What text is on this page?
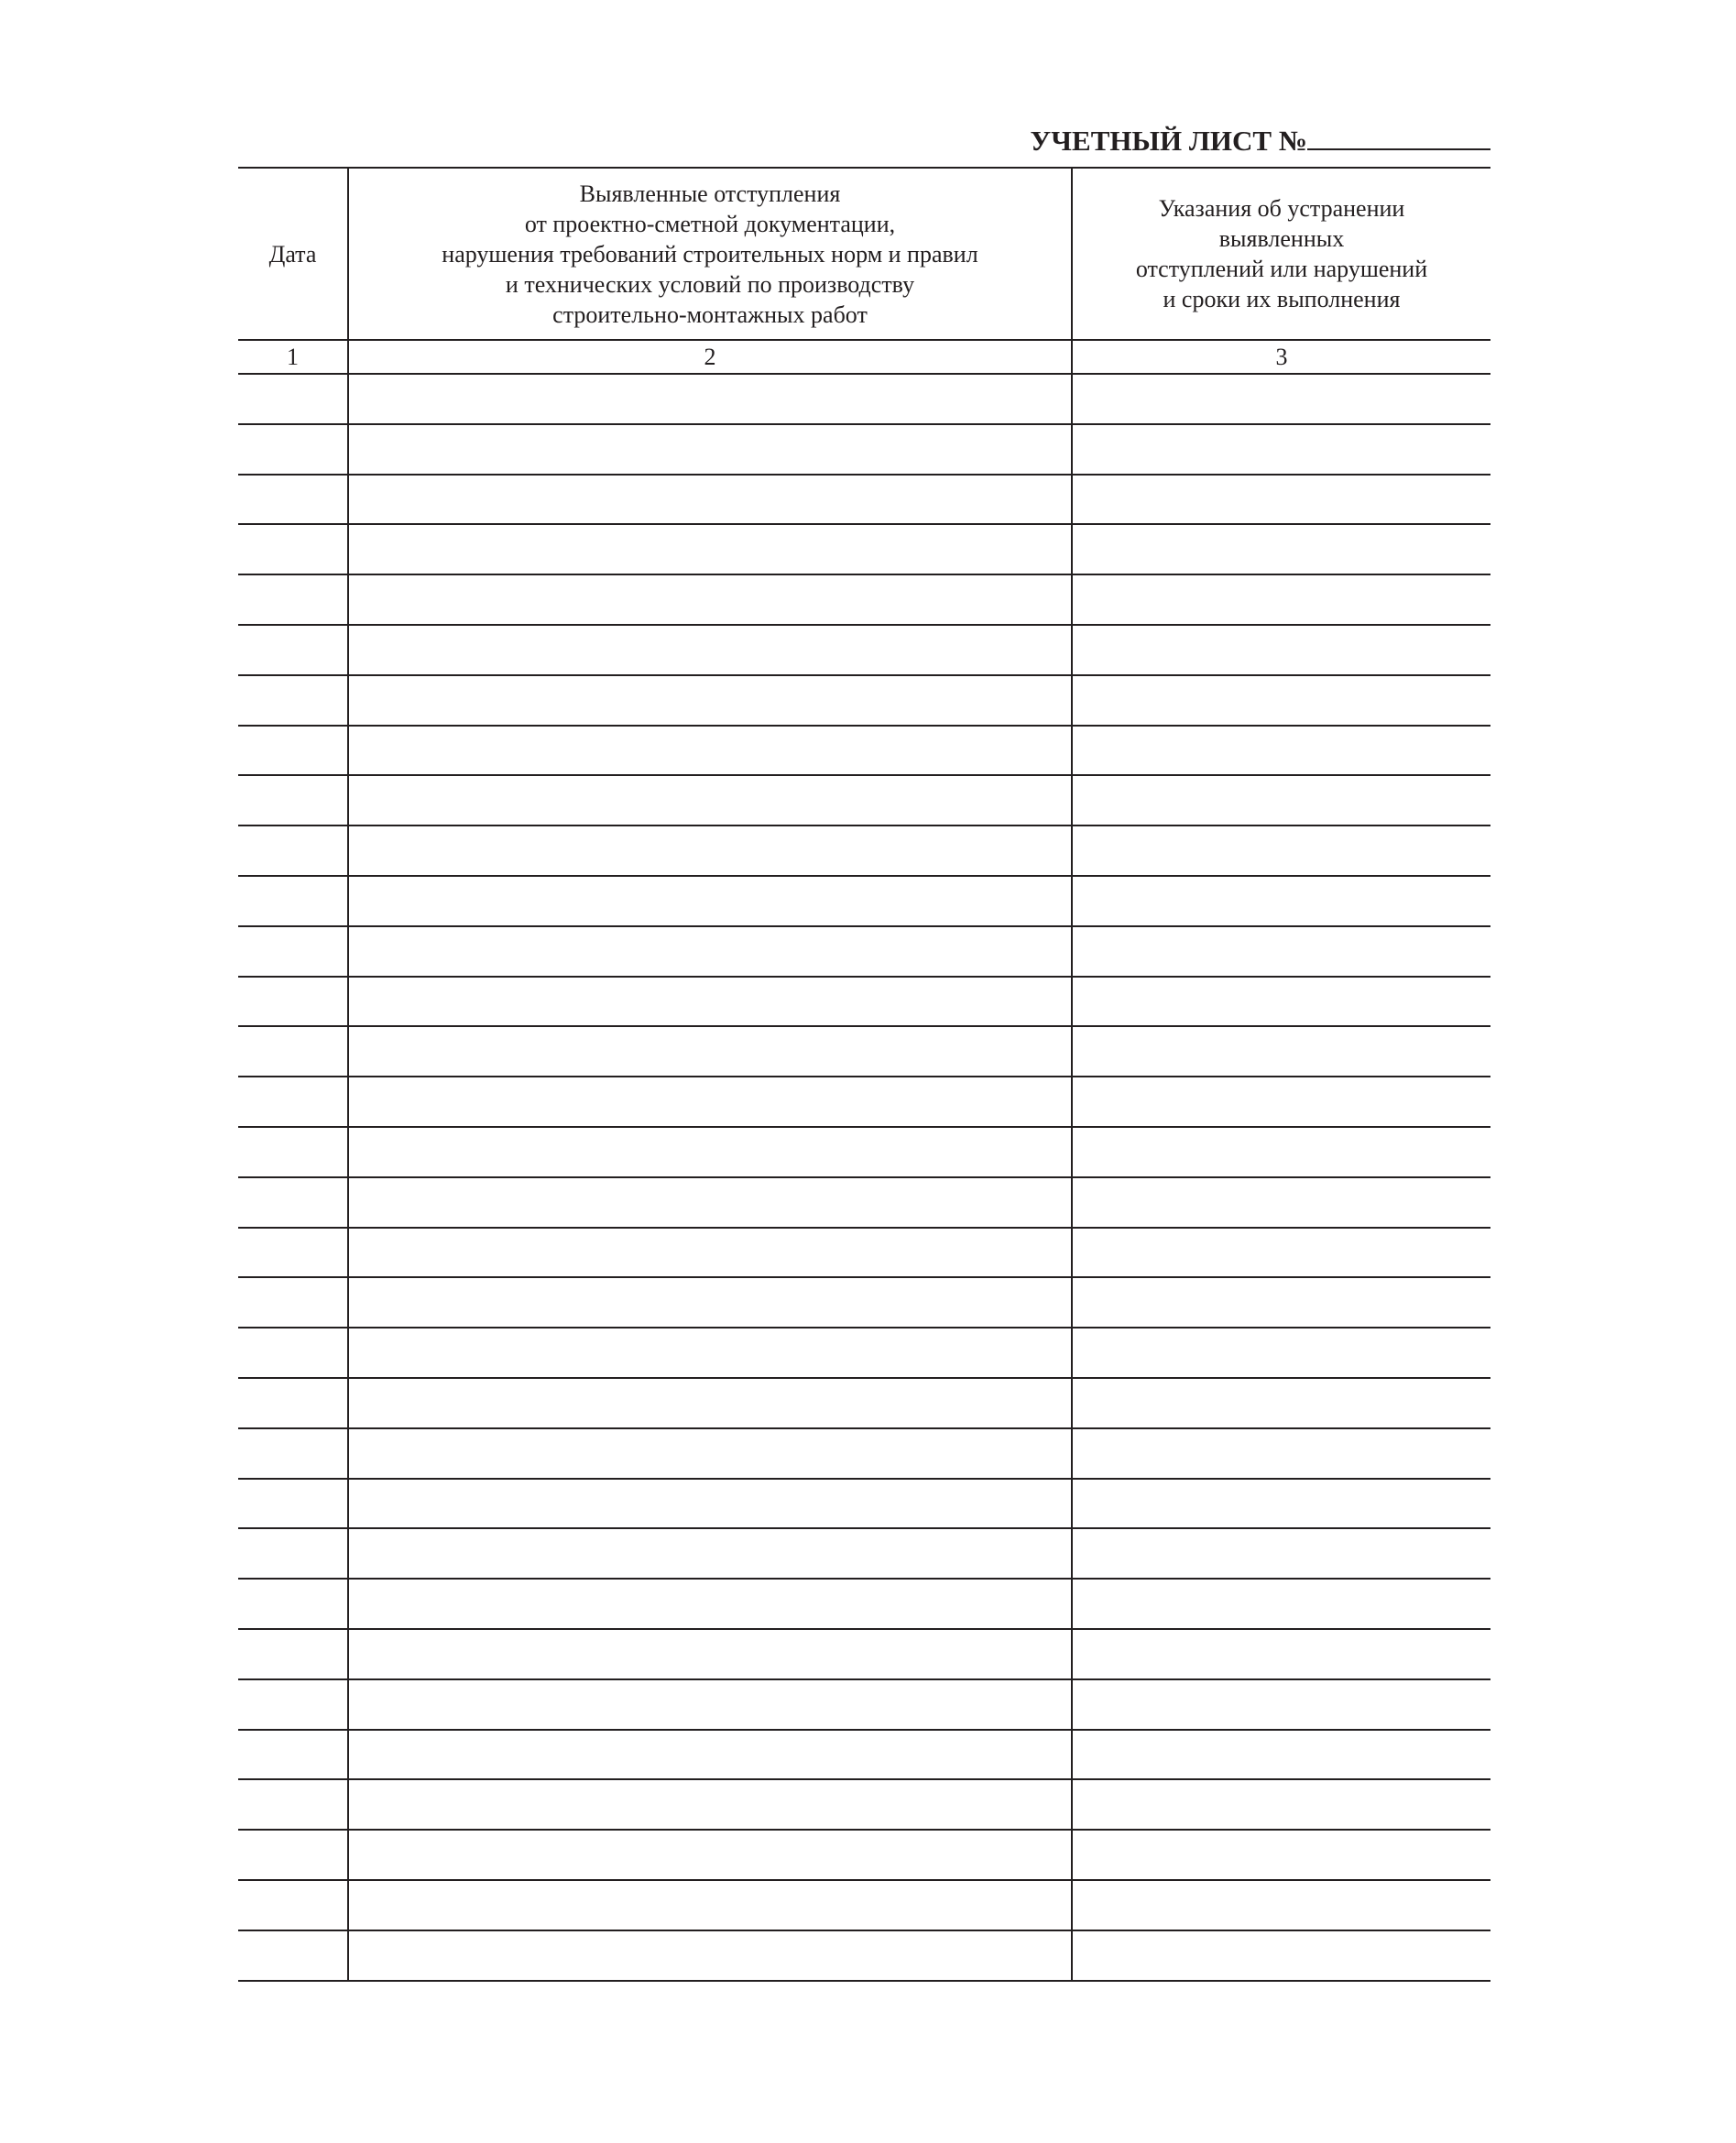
УЧЕТНЫЙ ЛИСТ №
Дата	Выявленные отступления
от проектно-сметной документации,
нарушения требований строительных норм и правил
и технических условий по производству
строительно-монтажных работ	Указания об устранении
выявленных
отступлений или нарушений
и сроки их выполнения

1	2	3
